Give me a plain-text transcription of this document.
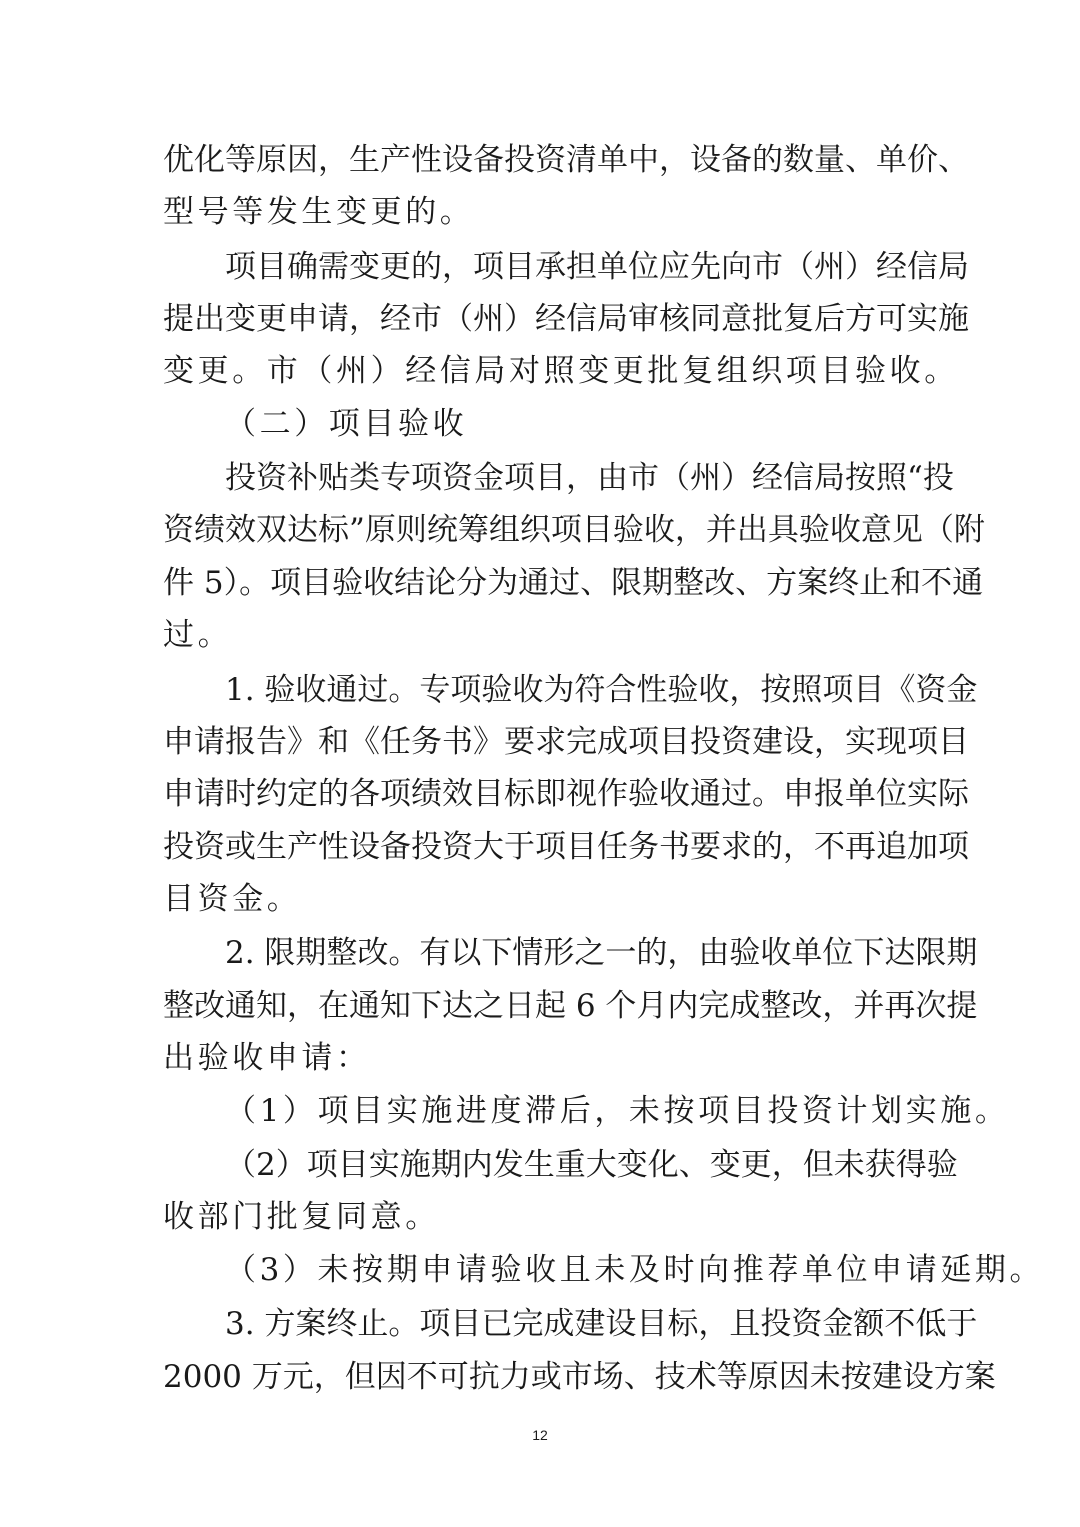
优化等原因，生产性设备投资清单中，设备的数量、单价、
型号等发生变更的。
项目确需变更的，项目承担单位应先向市（州）经信局
提出变更申请，经市（州）经信局审核同意批复后方可实施
变更。市（州）经信局对照变更批复组织项目验收。
（二）项目验收
投资补贴类专项资金项目，由市（州）经信局按照“投
资绩效双达标”原则统筹组织项目验收，并出具验收意见（附
件 5）。项目验收结论分为通过、限期整改、方案终止和不通
过。
1. 验收通过。专项验收为符合性验收，按照项目《资金
申请报告》和《任务书》要求完成项目投资建设，实现项目
申请时约定的各项绩效目标即视作验收通过。申报单位实际
投资或生产性设备投资大于项目任务书要求的，不再追加项
目资金。
2. 限期整改。有以下情形之一的，由验收单位下达限期
整改通知，在通知下达之日起 6 个月内完成整改，并再次提
出验收申请：
（1）项目实施进度滞后，未按项目投资计划实施。
（2）项目实施期内发生重大变化、变更，但未获得验
收部门批复同意。
（3）未按期申请验收且未及时向推荐单位申请延期。
3. 方案终止。项目已完成建设目标，且投资金额不低于
2000 万元，但因不可抗力或市场、技术等原因未按建设方案
12
